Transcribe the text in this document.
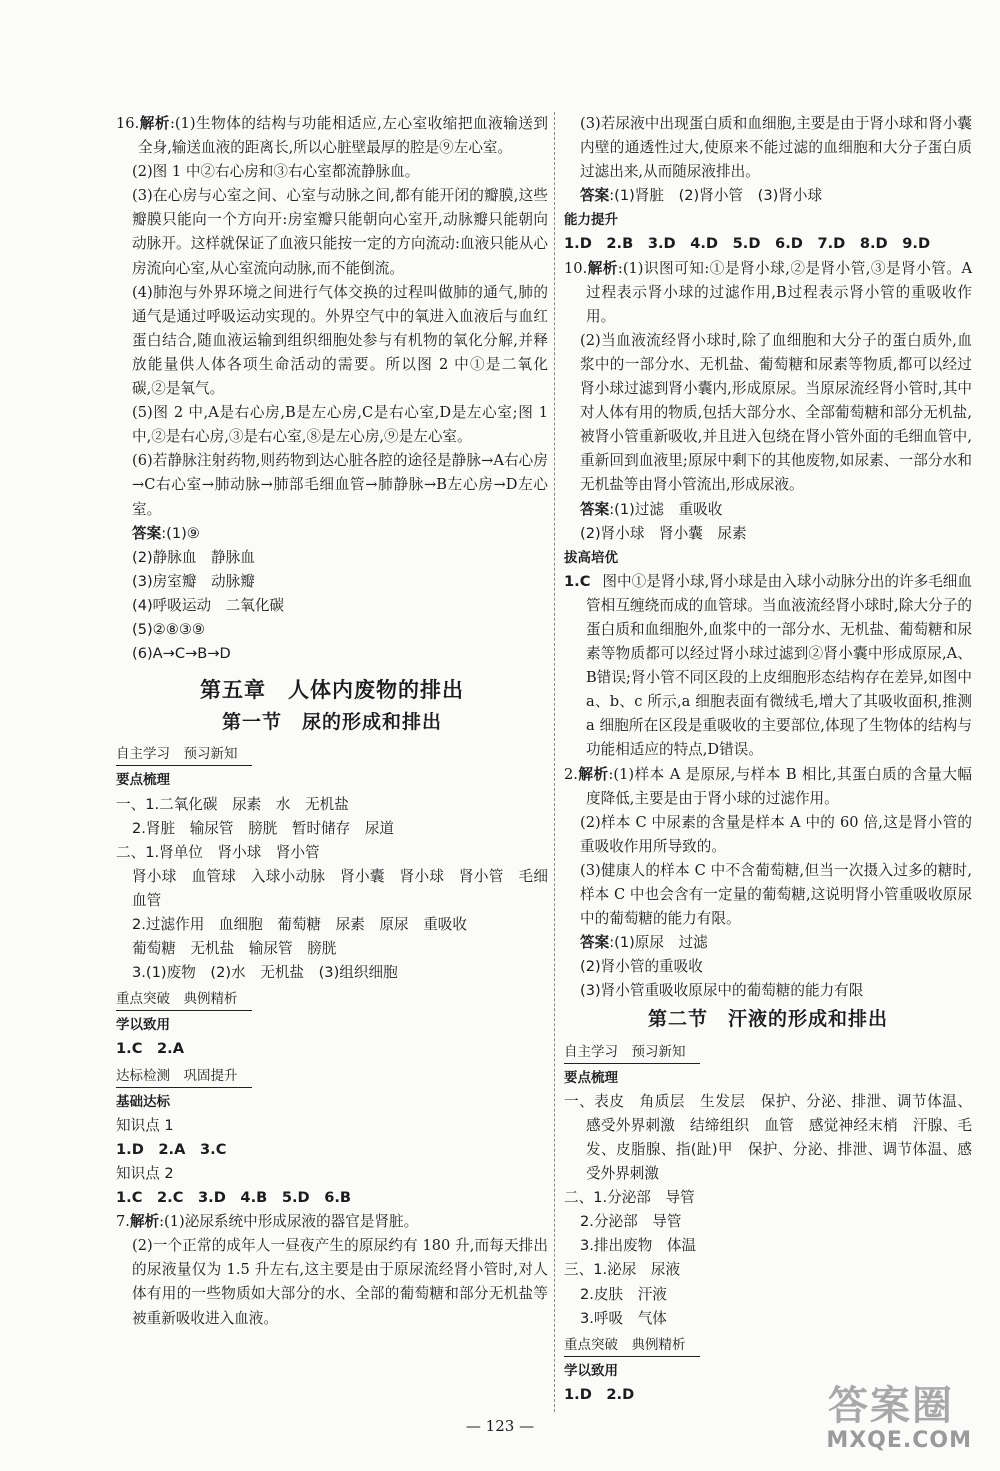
16.解析:(1)生物体的结构与功能相适应,左心室收缩把血液输送到全身,输送血液的距离长,所以心脏壁最厚的腔是⑨左心室。

(2)图 1 中②右心房和③右心室都流静脉血。

(3)在心房与心室之间、心室与动脉之间,都有能开闭的瓣膜,这些瓣膜只能向一个方向开:房室瓣只能朝向心室开,动脉瓣只能朝向动脉开。这样就保证了血液只能按一定的方向流动:血液只能从心房流向心室,从心室流向动脉,而不能倒流。

(4)肺泡与外界环境之间进行气体交换的过程叫做肺的通气,肺的通气是通过呼吸运动实现的。外界空气中的氧进入血液后与血红蛋白结合,随血液运输到组织细胞处参与有机物的氧化分解,并释放能量供人体各项生命活动的需要。所以图 2 中①是二氧化碳,②是氧气。

(5)图 2 中,A是右心房,B是左心房,C是右心室,D是左心室;图 1 中,②是右心房,③是右心室,⑧是左心房,⑨是左心室。

(6)若静脉注射药物,则药物到达心脏各腔的途径是静脉→A右心房→C右心室→肺动脉→肺部毛细血管→肺静脉→B左心房→D左心室。

答案:(1)⑨

(2)静脉血　静脉血

(3)房室瓣　动脉瓣

(4)呼吸运动　二氧化碳

(5)②⑧③⑨

(6)A→C→B→D

第五章　人体内废物的排出
第一节　尿的形成和排出
自主学习　预习新知

要点梳理

一、1.二氧化碳　尿素　水　无机盐

2.肾脏　输尿管　膀胱　暂时储存　尿道

二、1.肾单位　肾小球　肾小管

肾小球　血管球　入球小动脉　肾小囊　肾小球　肾小管　毛细血管

2.过滤作用　血细胞　葡萄糖　尿素　原尿　重吸收

葡萄糖　无机盐　输尿管　膀胱

3.(1)废物　(2)水　无机盐　(3)组织细胞

重点突破　典例精析

学以致用

1.C　2.A

达标检测　巩固提升

基础达标

知识点 1

1.D　2.A　3.C

知识点 2

1.C　2.C　3.D　4.B　5.D　6.B

7.解析:(1)泌尿系统中形成尿液的器官是肾脏。

(2)一个正常的成年人一昼夜产生的原尿约有 180 升,而每天排出的尿液量仅为 1.5 升左右,这主要是由于原尿流经肾小管时,对人体有用的一些物质如大部分的水、全部的葡萄糖和部分无机盐等被重新吸收进入血液。

(3)若尿液中出现蛋白质和血细胞,主要是由于肾小球和肾小囊内壁的通透性过大,使原来不能过滤的血细胞和大分子蛋白质过滤出来,从而随尿液排出。

答案:(1)肾脏　(2)肾小管　(3)肾小球

能力提升

1.D　2.B　3.D　4.D　5.D　6.D　7.D　8.D　9.D

10.解析:(1)识图可知:①是肾小球,②是肾小管,③是肾小管。A过程表示肾小球的过滤作用,B过程表示肾小管的重吸收作用。

(2)当血液流经肾小球时,除了血细胞和大分子的蛋白质外,血浆中的一部分水、无机盐、葡萄糖和尿素等物质,都可以经过肾小球过滤到肾小囊内,形成原尿。当原尿流经肾小管时,其中对人体有用的物质,包括大部分水、全部葡萄糖和部分无机盐,被肾小管重新吸收,并且进入包绕在肾小管外面的毛细血管中,重新回到血液里;原尿中剩下的其他废物,如尿素、一部分水和无机盐等由肾小管流出,形成尿液。

答案:(1)过滤　重吸收

(2)肾小球　肾小囊　尿素

拔高培优

1.C 图中①是肾小球,肾小球是由入球小动脉分出的许多毛细血管相互缠绕而成的血管球。当血液流经肾小球时,除大分子的蛋白质和血细胞外,血浆中的一部分水、无机盐、葡萄糖和尿素等物质都可以经过肾小球过滤到②肾小囊中形成原尿,A、B错误;肾小管不同区段的上皮细胞形态结构存在差异,如图中 a、b、c 所示,a 细胞表面有微绒毛,增大了其吸收面积,推测 a 细胞所在区段是重吸收的主要部位,体现了生物体的结构与功能相适应的特点,D错误。

2.解析:(1)样本 A 是原尿,与样本 B 相比,其蛋白质的含量大幅度降低,主要是由于肾小球的过滤作用。

(2)样本 C 中尿素的含量是样本 A 中的 60 倍,这是肾小管的重吸收作用所导致的。

(3)健康人的样本 C 中不含葡萄糖,但当一次摄入过多的糖时,样本 C 中也会含有一定量的葡萄糖,这说明肾小管重吸收原尿中的葡萄糖的能力有限。

答案:(1)原尿　过滤

(2)肾小管的重吸收

(3)肾小管重吸收原尿中的葡萄糖的能力有限

第二节　汗液的形成和排出
自主学习　预习新知

要点梳理

一、表皮　角质层　生发层　保护、分泌、排泄、调节体温、感受外界刺激　结缔组织　血管　感觉神经末梢　汗腺、毛发、皮脂腺、指(趾)甲　保护、分泌、排泄、调节体温、感受外界刺激

二、1.分泌部　导管

2.分泌部　导管

3.排出废物　体温

三、1.泌尿　尿液

2.皮肤　汗液

3.呼吸　气体

重点突破　典例精析

学以致用

1.D　2.D

— 123 —	答案圈
MXQE.COM
